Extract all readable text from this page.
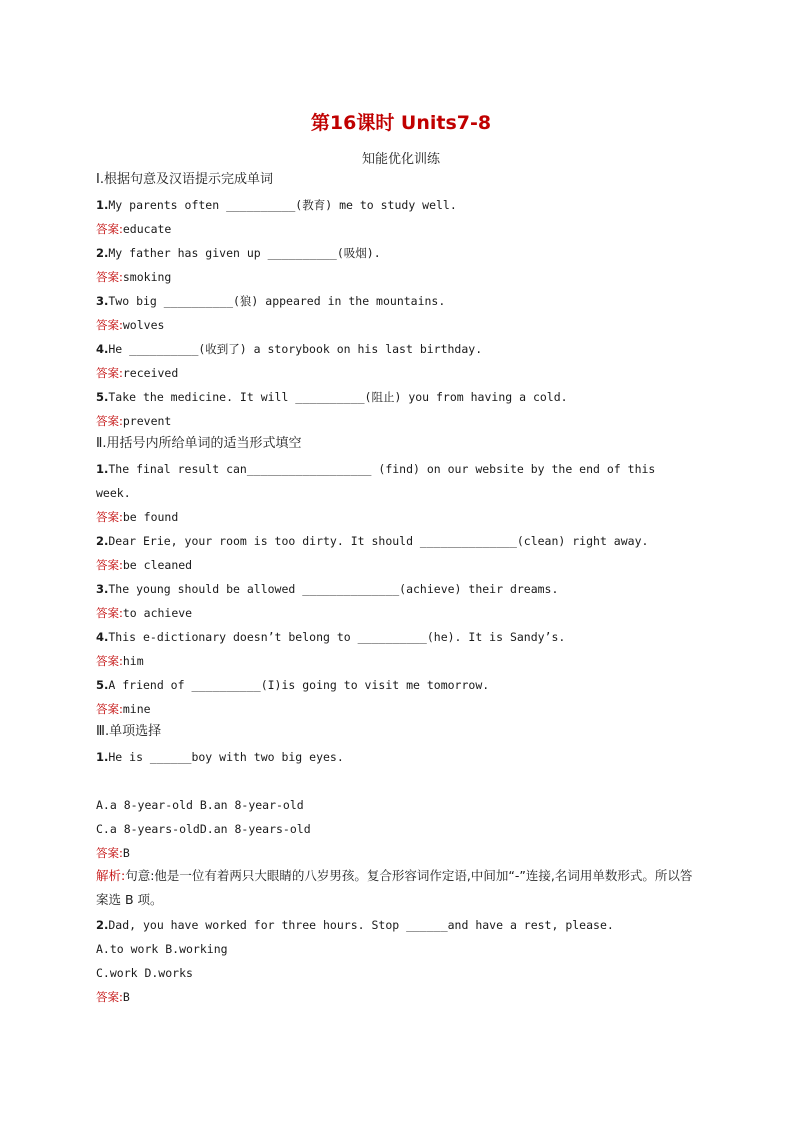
第16课时 Units7-8
知能优化训练
Ⅰ.根据句意及汉语提示完成单词
1.My parents often __________(教育) me to study well.
答案:educate
2.My father has given up __________(吸烟).
答案:smoking
3.Two big __________(狼) appeared in the mountains.
答案:wolves
4.He __________(收到了) a storybook on his last birthday.
答案:received
5.Take the medicine. It will __________(阻止) you from having a cold.
答案:prevent
Ⅱ.用括号内所给单词的适当形式填空
1.The final result can__________________ (find) on our website by the end of this
week.
答案:be found
2.Dear Erie, your room is too dirty. It should ______________(clean) right away.
答案:be cleaned
3.The young should be allowed ______________(achieve) their dreams.
答案:to achieve
4.This e-dictionary doesn’t belong to __________(he). It is Sandy’s.
答案:him
5.A friend of __________(I)is going to visit me tomorrow.
答案:mine
Ⅲ.单项选择
1.He is ______boy with two big eyes.
A.a 8-year-old B.an 8-year-old
C.a 8-years-oldD.an 8-years-old
答案:B
解析:句意:他是一位有着两只大眼睛的八岁男孩。复合形容词作定语,中间加“-”连接,名词用单数形式。所以答案选 B 项。
2.Dad, you have worked for three hours. Stop ______and have a rest, please.
A.to work B.working
C.work D.works
答案:B
